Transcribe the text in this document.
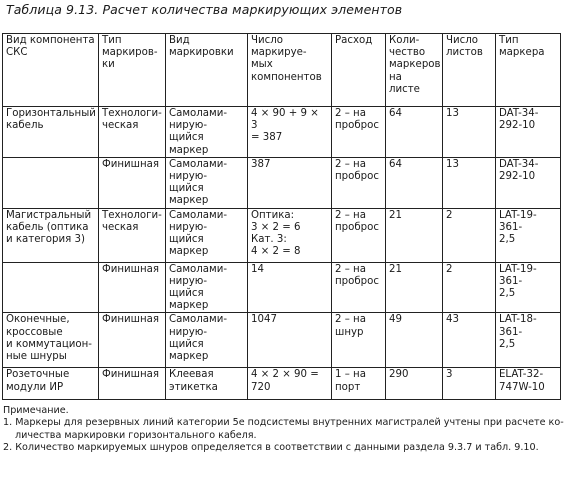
Таблица 9.13. Расчет количества маркирующих элементов
Вид компонента
СКС	Тип
маркиров-
ки	Вид
маркировки	Число
маркируе-
мых
компонентов	Расход	Коли-
чество
маркеров
на
листе	Число
листов	Тип
маркера
Горизонтальный
кабель	Технологи-
ческая	Самолами-
нирую-
щийся
маркер	4 × 90 + 9 × 3
= 387	2 – на
проброс	64	13	DAT-34-
292-10
	Финишная	Самолами-
нирую-
щийся
маркер	387	2 – на
проброс	64	13	DAT-34-
292-10
Магистральный
кабель (оптика
и категория 3)	Технологи-
ческая	Самолами-
нирую-
щийся
маркер	Оптика:
3 × 2 = 6
Кат. 3:
4 × 2 = 8	2 – на
проброс	21	2	LAT-19-361-
2,5
	Финишная	Самолами-
нирую-
щийся
маркер	14	2 – на
проброс	21	2	LAT-19-361-
2,5
Оконечные,
кроссовые
и коммутацион-
ные шнуры	Финишная	Самолами-
нирую-
щийся
маркер	1047	2 – на
шнур	49	43	LAT-18-361-
2,5
Розеточные
модули ИР	Финишная	Клеевая
этикетка	4 × 2 × 90 =
720	1 – на
порт	290	3	ELAT-32-
747W-10
Примечание.
1. Маркеры для резервных линий категории 5е подсистемы внутренних магистралей учтены при расчете ко-
личества маркировки горизонтального кабеля.
2. Количество маркируемых шнуров определяется в соответствии с данными раздела 9.3.7 и табл. 9.10.
